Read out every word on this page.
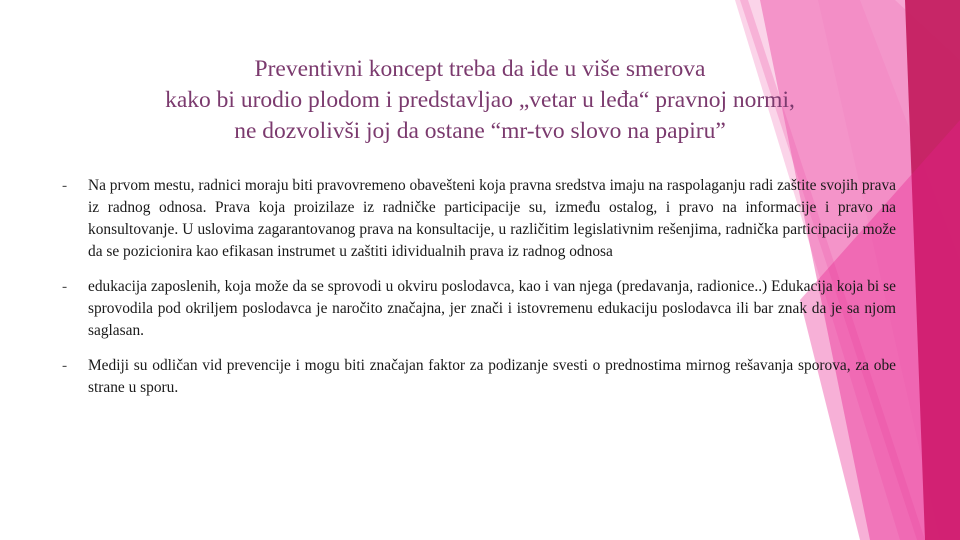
Preventivni koncept treba da ide u više smerova
kako bi urodio plodom i predstavljao „vetar u leđa“ pravnoj normi,
ne dozvolivši joj da ostane “mr-tvo slovo na papiru”
-	Na prvom mestu, radnici moraju biti pravovremeno obavešteni koja pravna sredstva imaju na raspolaganju radi zaštite svojih prava iz radnog odnosa. Prava koja proizilaze iz radničke participacije su, između ostalog, i pravo na informacije i pravo na konsultovanje. U uslovima zagarantovanog prava na konsultacije, u različitim legislativnim rešenjima, radnička participacija može da se pozicionira kao efikasan instrumet u zaštiti idividualnih prava iz radnog odnosa
-	edukacija zaposlenih, koja može da se sprovodi u okviru poslodavca, kao i van njega (predavanja, radionice..) Edukacija koja bi se sprovodila pod okriljem poslodavca je naročito značajna, jer znači i istovremenu edukaciju poslodavca ili bar znak da je sa njom saglasan.
-	Mediji su odličan vid prevencije i mogu biti značajan faktor za podizanje svesti o prednostima mirnog rešavanja sporova, za obe strane u sporu.
